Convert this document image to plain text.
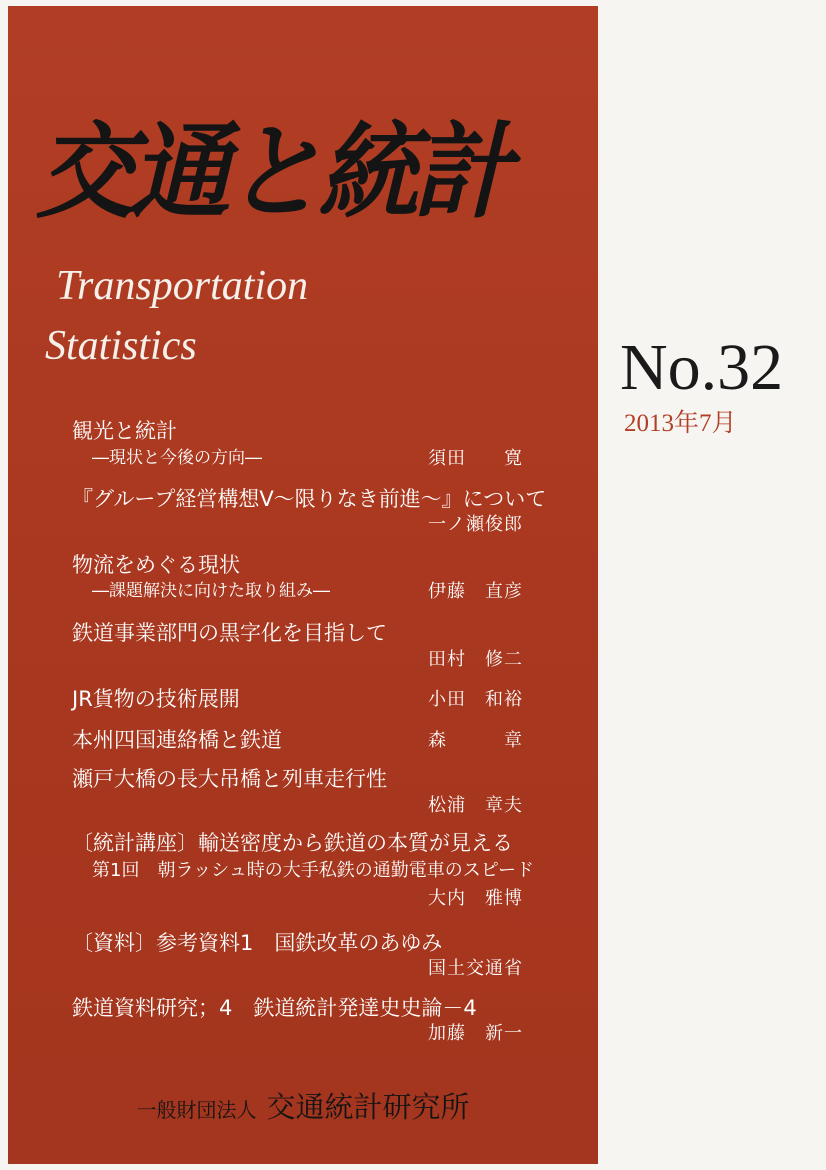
交通と統計
Transportation
Statistics	No.32
2013年7月
観光と統計
―現状と今後の方向―	須田　　寛
『グループ経営構想Ⅴ～限りなき前進～』について
一ノ瀬俊郎
物流をめぐる現状
―課題解決に向けた取り組み―	伊藤　直彦
鉄道事業部門の黒字化を目指して
田村　修二
JR貨物の技術展開	小田　和裕
本州四国連絡橋と鉄道	森　　　章
瀬戸大橋の長大吊橋と列車走行性
松浦　章夫
〔統計講座〕輸送密度から鉄道の本質が見える
第1回　朝ラッシュ時の大手私鉄の通勤電車のスピード
大内　雅博
〔資料〕参考資料1　国鉄改革のあゆみ
国土交通省
鉄道資料研究；4　鉄道統計発達史史論－4
加藤　新一
一般財団法人 交通統計研究所
